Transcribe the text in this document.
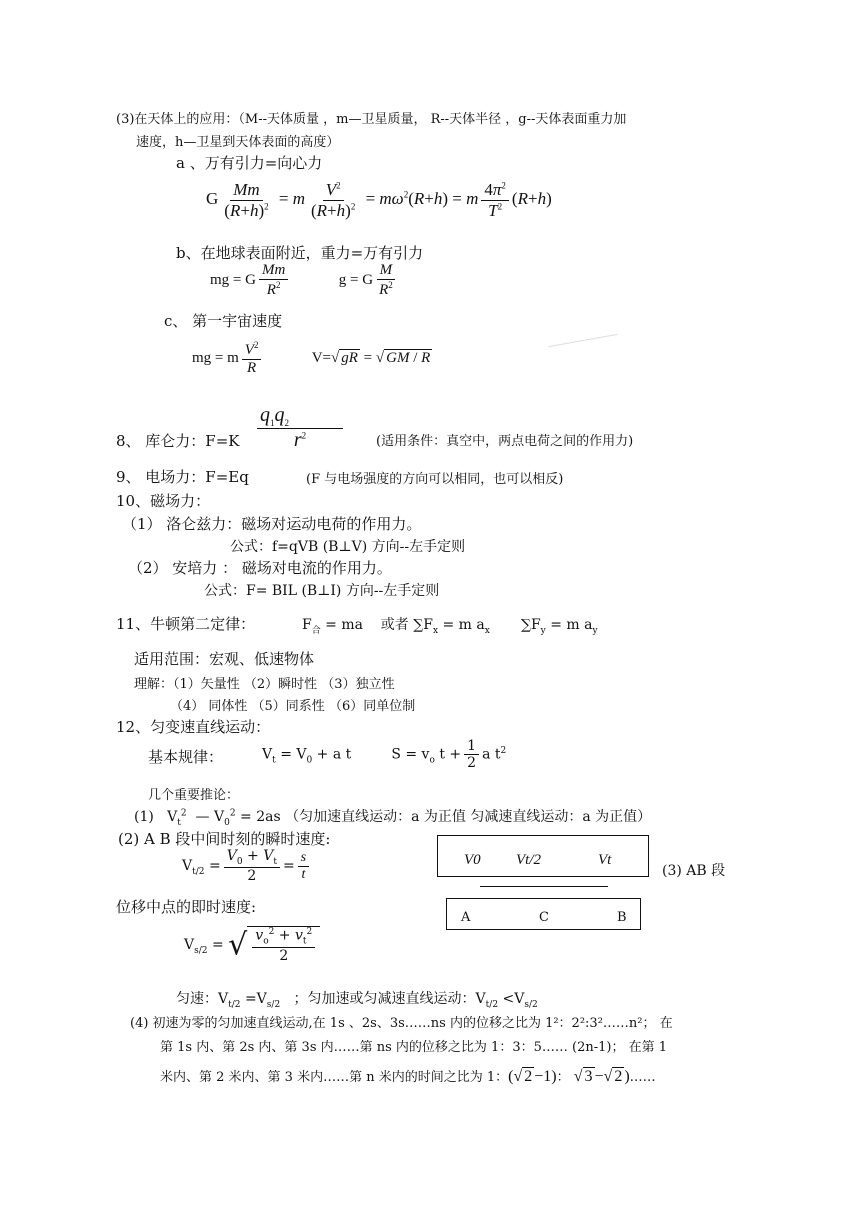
(3)在天体上的应用：（M--天体质量 ，m—卫星质量， R--天体半径 ，g--天体表面重力加
速度，h—卫星到天体表面的高度）
a 、万有引力=向心力
G $\frac{Mm}{(R+h)^2} = m \frac{V^2}{(R+h)^2} = m\omega^2(R+h) = m \frac{4\pi^2}{T^2} (R+h)$
b、在地球表面附近，重力=万有引力
mg = G $\frac{Mm}{R^2}$	g = G $\frac{M}{R^2}$
c、 第一宇宙速度
mg = m $\frac{V^2}{R}$	V=√ gR = √ GM / R
8、 库仑力：$F=K \frac{q_1q_2}{r^2}$	(适用条件：真空中，两点电荷之间的作用力)
9、 电场力：F=Eq	(F 与电场强度的方向可以相同，也可以相反)
10、磁场力：
（1） 洛仑兹力：磁场对运动电荷的作用力。
公式：f=qVB (B⊥V) 方向--左手定则
（2） 安培力 ： 磁场对电流的作用力。
公式：F= BIL (B⊥I) 方向--左手定则
11、牛顿第二定律：	$F_合$ = ma    或者 $\sum F_x = m$ $a_x$       $\sum F_y = m$ $a_y$
适用范围：宏观、低速物体
理解：（1）矢量性 （2）瞬时性 （3）独立性
（4） 同体性 （5）同系性 （6）同单位制
12、匀变速直线运动：
基本规律：	$V_t = V_0 + a$ t         $S = v_o$ $t + \frac{1}{2}$ a $t^2$
几个重要推论：
(1)   $V_t^2$  — $V_0^2 = 2as$ （匀加速直线运动：a 为正值 匀减速直线运动：a 为正值）
(2) A B 段中间时刻的瞬时速度:
$V_{t/2} = \frac{V_0 + V_t}{2} = \frac{s}{t}$	V0 Vt/2	Vt
A	C	B
(3) AB 段
位移中点的即时速度:
$V_{s/2}$ = √ $\frac{v_o^2 + v_t^2}{2}$
匀速：$V_{t/2} =V_{s/2}$ ；匀加速或匀减速直线运动：$V_{t/2} <V_{s/2}$
(4) 初速为零的匀加速直线运动,在 1s 、2s、3s……ns 内的位移之比为 1²：2²:3²……n²； 在
第 1s 内、第 2s 内、第 3s 内……第 ns 内的位移之比为 1：3：5…… (2n-1)； 在第 1
米内、第 2 米内、第 3 米内……第 n 米内的时间之比为 1：(√ 2 −1)： √ 3 −√ 2 )……
